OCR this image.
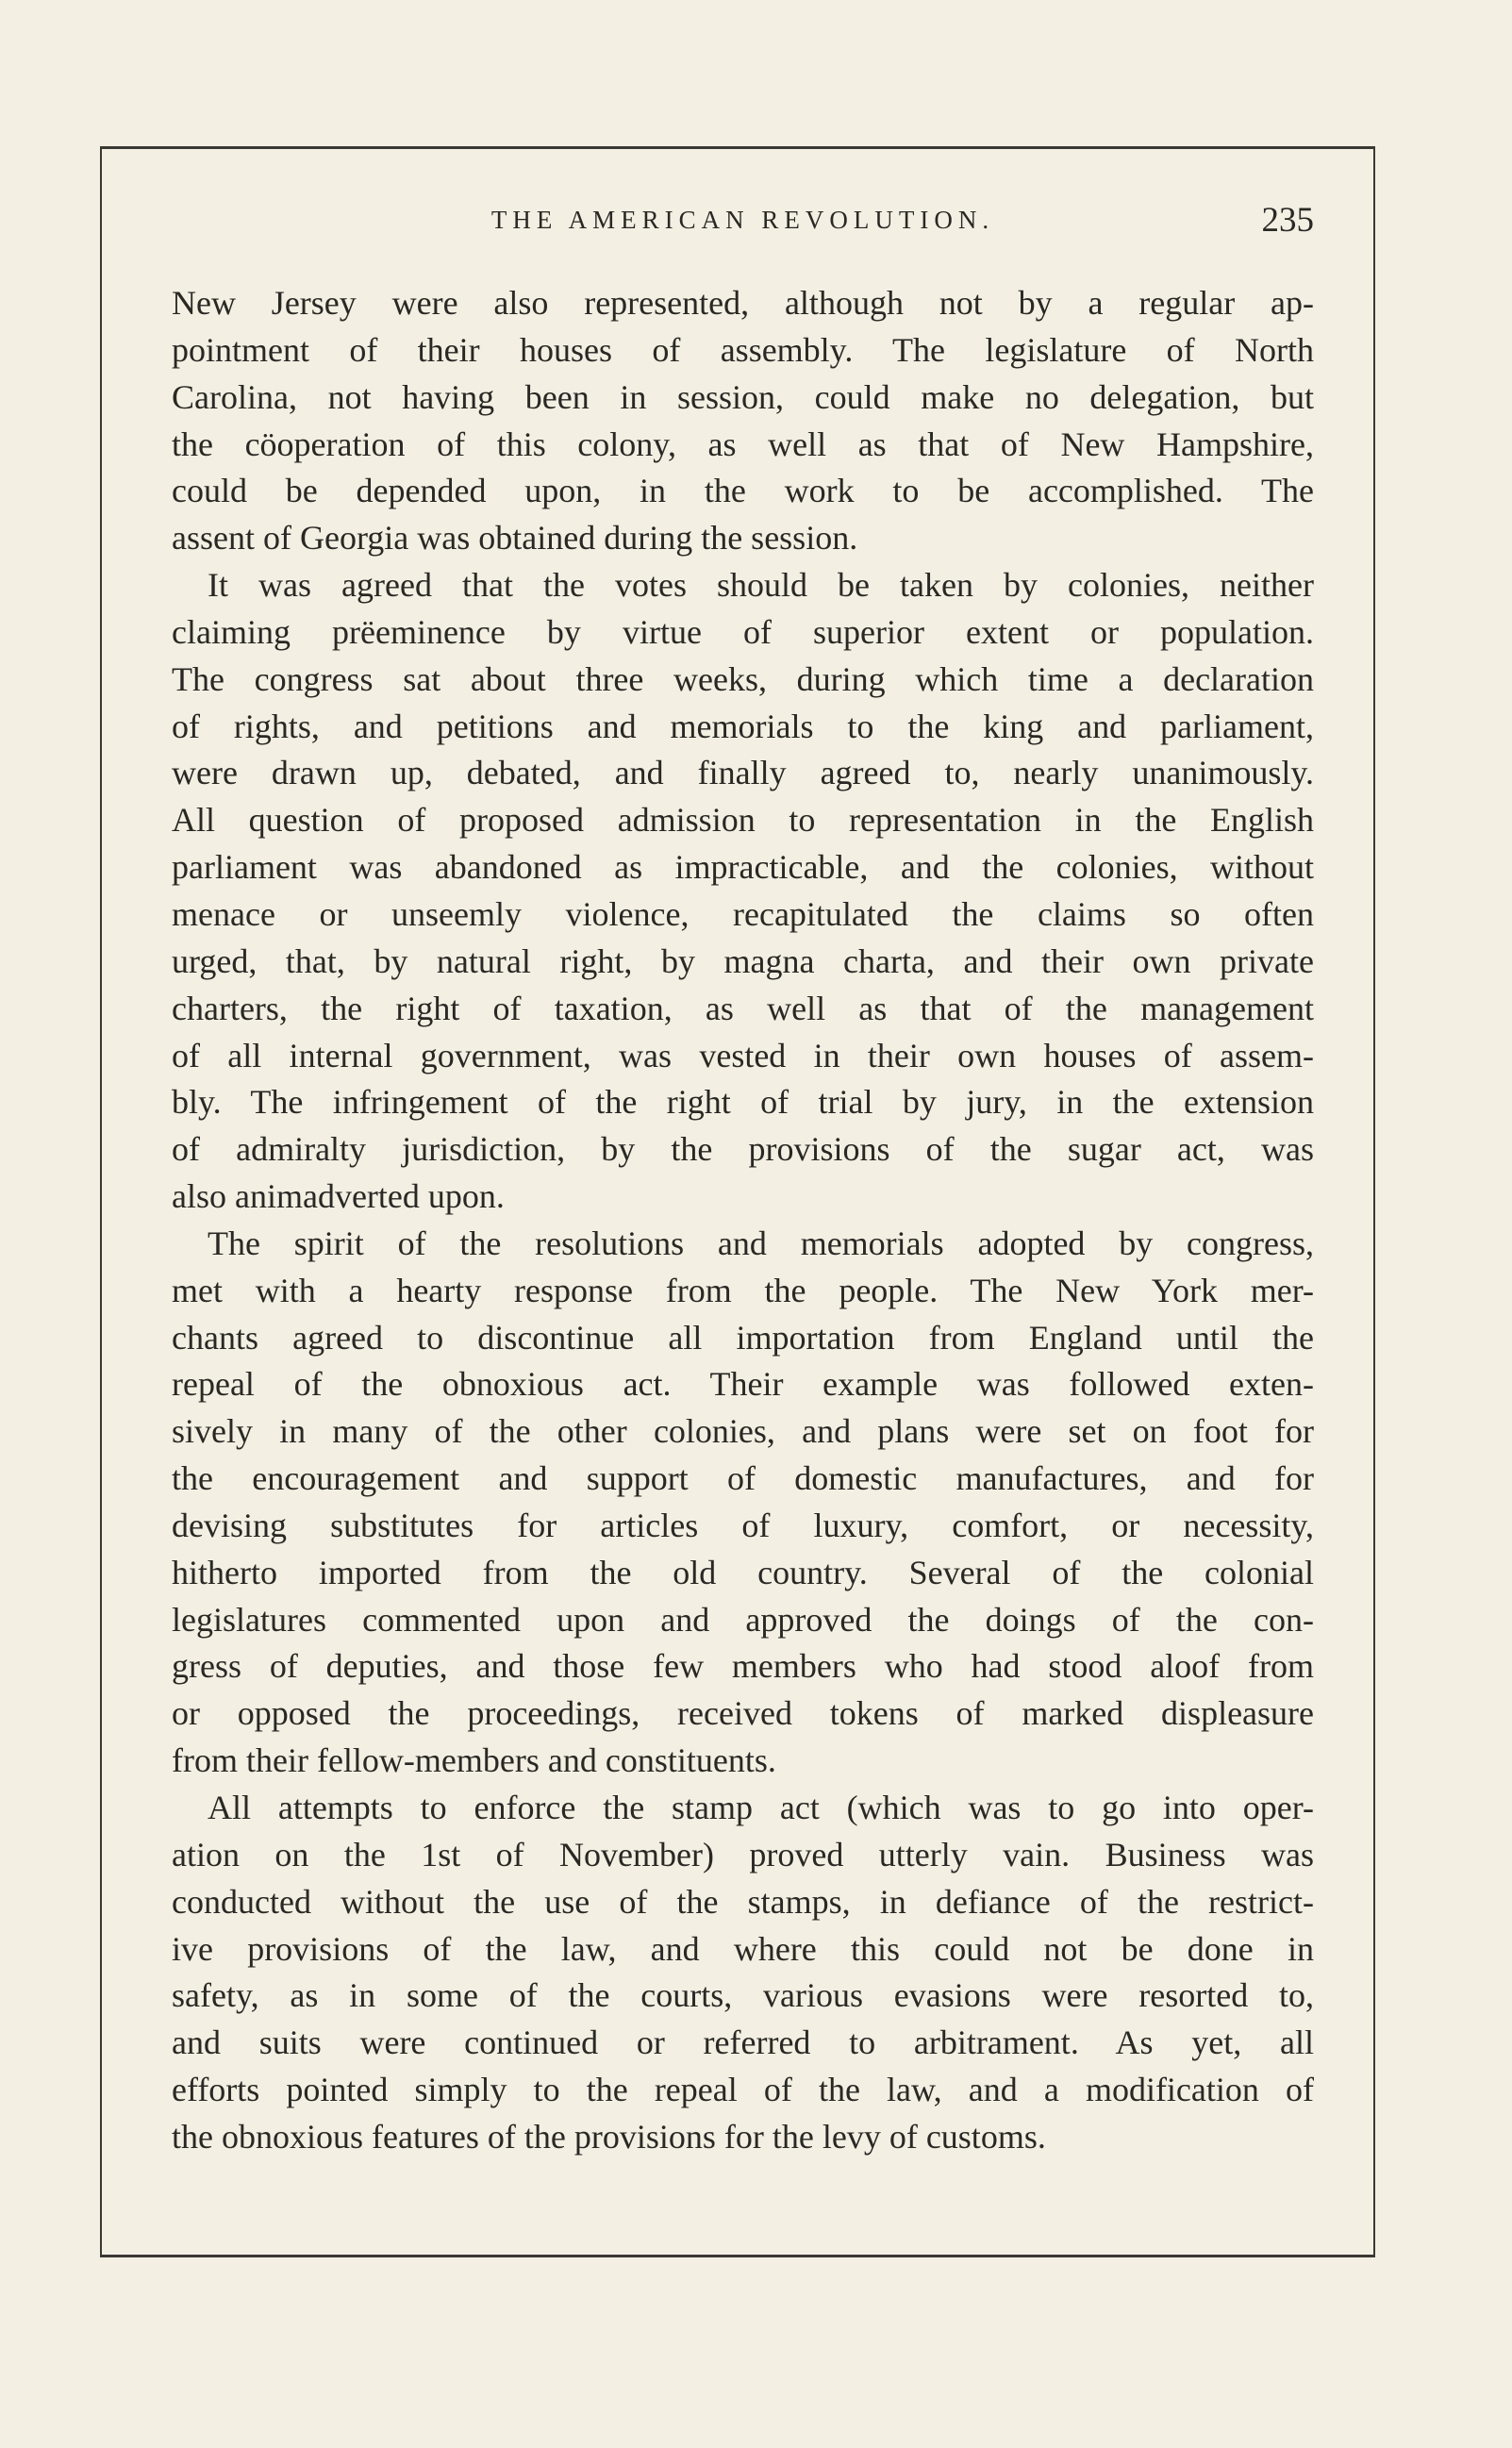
THE AMERICAN REVOLUTION.	235
New Jersey were also represented, although not by a regular ap-
pointment of their houses of assembly. The legislature of North
Carolina, not having been in session, could make no delegation, but
the cöoperation of this colony, as well as that of New Hampshire,
could be depended upon, in the work to be accomplished. The
assent of Georgia was obtained during the session.
It was agreed that the votes should be taken by colonies, neither
claiming prëeminence by virtue of superior extent or population.
The congress sat about three weeks, during which time a declaration
of rights, and petitions and memorials to the king and parliament,
were drawn up, debated, and finally agreed to, nearly unanimously.
All question of proposed admission to representation in the English
parliament was abandoned as impracticable, and the colonies, without
menace or unseemly violence, recapitulated the claims so often
urged, that, by natural right, by magna charta, and their own private
charters, the right of taxation, as well as that of the management
of all internal government, was vested in their own houses of assem-
bly. The infringement of the right of trial by jury, in the extension
of admiralty jurisdiction, by the provisions of the sugar act, was
also animadverted upon.
The spirit of the resolutions and memorials adopted by congress,
met with a hearty response from the people. The New York mer-
chants agreed to discontinue all importation from England until the
repeal of the obnoxious act. Their example was followed exten-
sively in many of the other colonies, and plans were set on foot for
the encouragement and support of domestic manufactures, and for
devising substitutes for articles of luxury, comfort, or necessity,
hitherto imported from the old country. Several of the colonial
legislatures commented upon and approved the doings of the con-
gress of deputies, and those few members who had stood aloof from
or opposed the proceedings, received tokens of marked displeasure
from their fellow-members and constituents.
All attempts to enforce the stamp act (which was to go into oper-
ation on the 1st of November) proved utterly vain. Business was
conducted without the use of the stamps, in defiance of the restrict-
ive provisions of the law, and where this could not be done in
safety, as in some of the courts, various evasions were resorted to,
and suits were continued or referred to arbitrament. As yet, all
efforts pointed simply to the repeal of the law, and a modification of
the obnoxious features of the provisions for the levy of customs.
